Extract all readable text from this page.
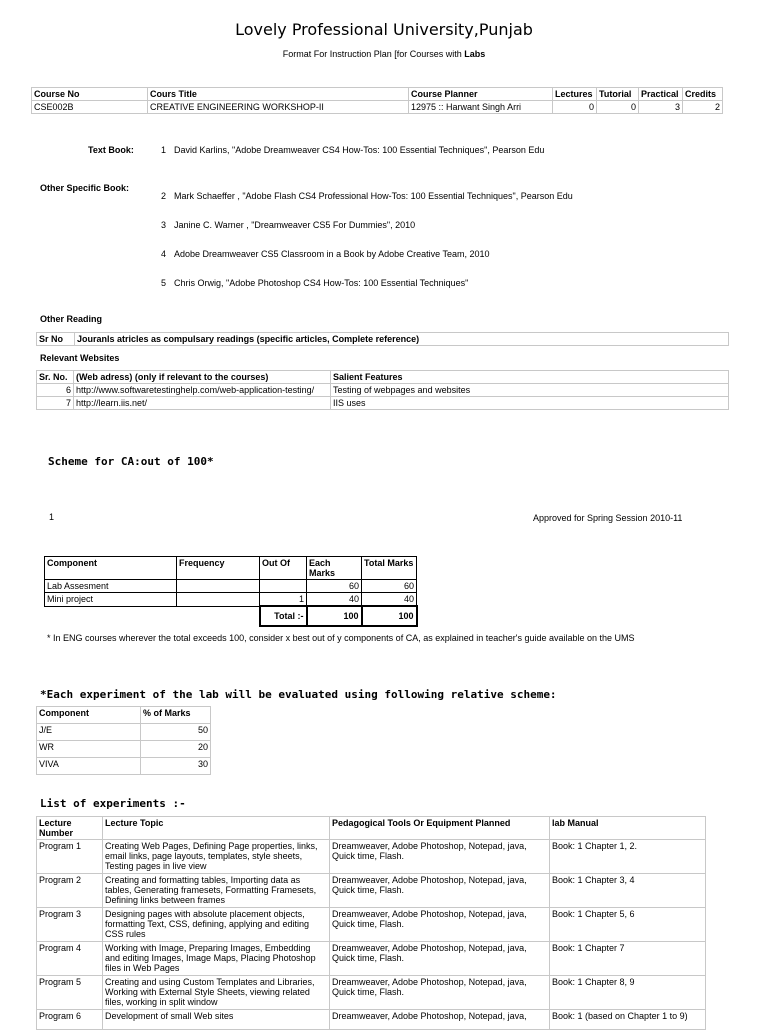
Lovely Professional University,Punjab
Format For Instruction Plan [for Courses with Labs
Course No	Cours Title	Course Planner	Lectures	Tutorial	Practical	Credits
CSE002B	CREATIVE ENGINEERING WORKSHOP-II	12975 :: Harwant Singh Arri	0	0	3	2
Text Book:	1 David Karlins, "Adobe Dreamweaver CS4 How-Tos: 100 Essential Techniques", Pearson Edu
Other Specific Book:
2 Mark Schaeffer , "Adobe Flash CS4 Professional How-Tos: 100 Essential Techniques", Pearson Edu
3 Janine C. Warner , "Dreamweaver CS5 For Dummies", 2010
4 Adobe Dreamweaver CS5 Classroom in a Book by Adobe Creative Team, 2010
5 Chris Orwig, "Adobe Photoshop CS4 How-Tos: 100 Essential Techniques"
Other Reading
Sr No	Jouranls atricles as compulsary readings (specific articles, Complete reference)
Relevant Websites
Sr. No.	(Web adress) (only if relevant to the courses)	Salient Features
6	http://www.softwaretestinghelp.com/web-application-testing/	Testing of webpages and websites
7	http://learn.iis.net/	IIS uses
Scheme for CA:out of 100*
1	Approved for Spring Session 2010-11
Component	Frequency	Out Of	Each Marks	Total Marks
Lab Assesment			60	60
Mini project		1	40	40
		Total :-	100	100
* In ENG courses wherever the total exceeds 100, consider x best out of y components of CA, as explained in teacher's guide available on the UMS
*Each experiment of the lab will be evaluated using following relative scheme:
Component	% of Marks
J/E	50
WR	20
VIVA	30
List of experiments :-
Lecture Number	Lecture Topic	Pedagogical Tools Or Equipment Planned	lab Manual
Program 1	Creating Web Pages, Defining Page properties, links, email links, page layouts, templates, style sheets, Testing pages in live view	Dreamweaver, Adobe Photoshop, Notepad, java, Quick time, Flash.	Book: 1 Chapter 1, 2.
Program 2	Creating and formatting tables, Importing data as tables, Generating framesets, Formatting Framesets, Defining links between frames	Dreamweaver, Adobe Photoshop, Notepad, java, Quick time, Flash.	Book: 1 Chapter 3, 4
Program 3	Designing pages with absolute placement objects, formatting Text, CSS, defining, applying and editing CSS rules	Dreamweaver, Adobe Photoshop, Notepad, java, Quick time, Flash.	Book: 1 Chapter 5, 6
Program 4	Working with Image, Preparing Images, Embedding and editing Images, Image Maps, Placing Photoshop files in Web Pages	Dreamweaver, Adobe Photoshop, Notepad, java, Quick time, Flash.	Book: 1 Chapter 7
Program 5	Creating and using Custom Templates and Libraries, Working with External Style Sheets, viewing related files, working in split window	Dreamweaver, Adobe Photoshop, Notepad, java, Quick time, Flash.	Book: 1 Chapter 8, 9
Program 6	Development of small Web sites	Dreamweaver, Adobe Photoshop, Notepad, java,	Book: 1 (based on Chapter 1 to 9)
